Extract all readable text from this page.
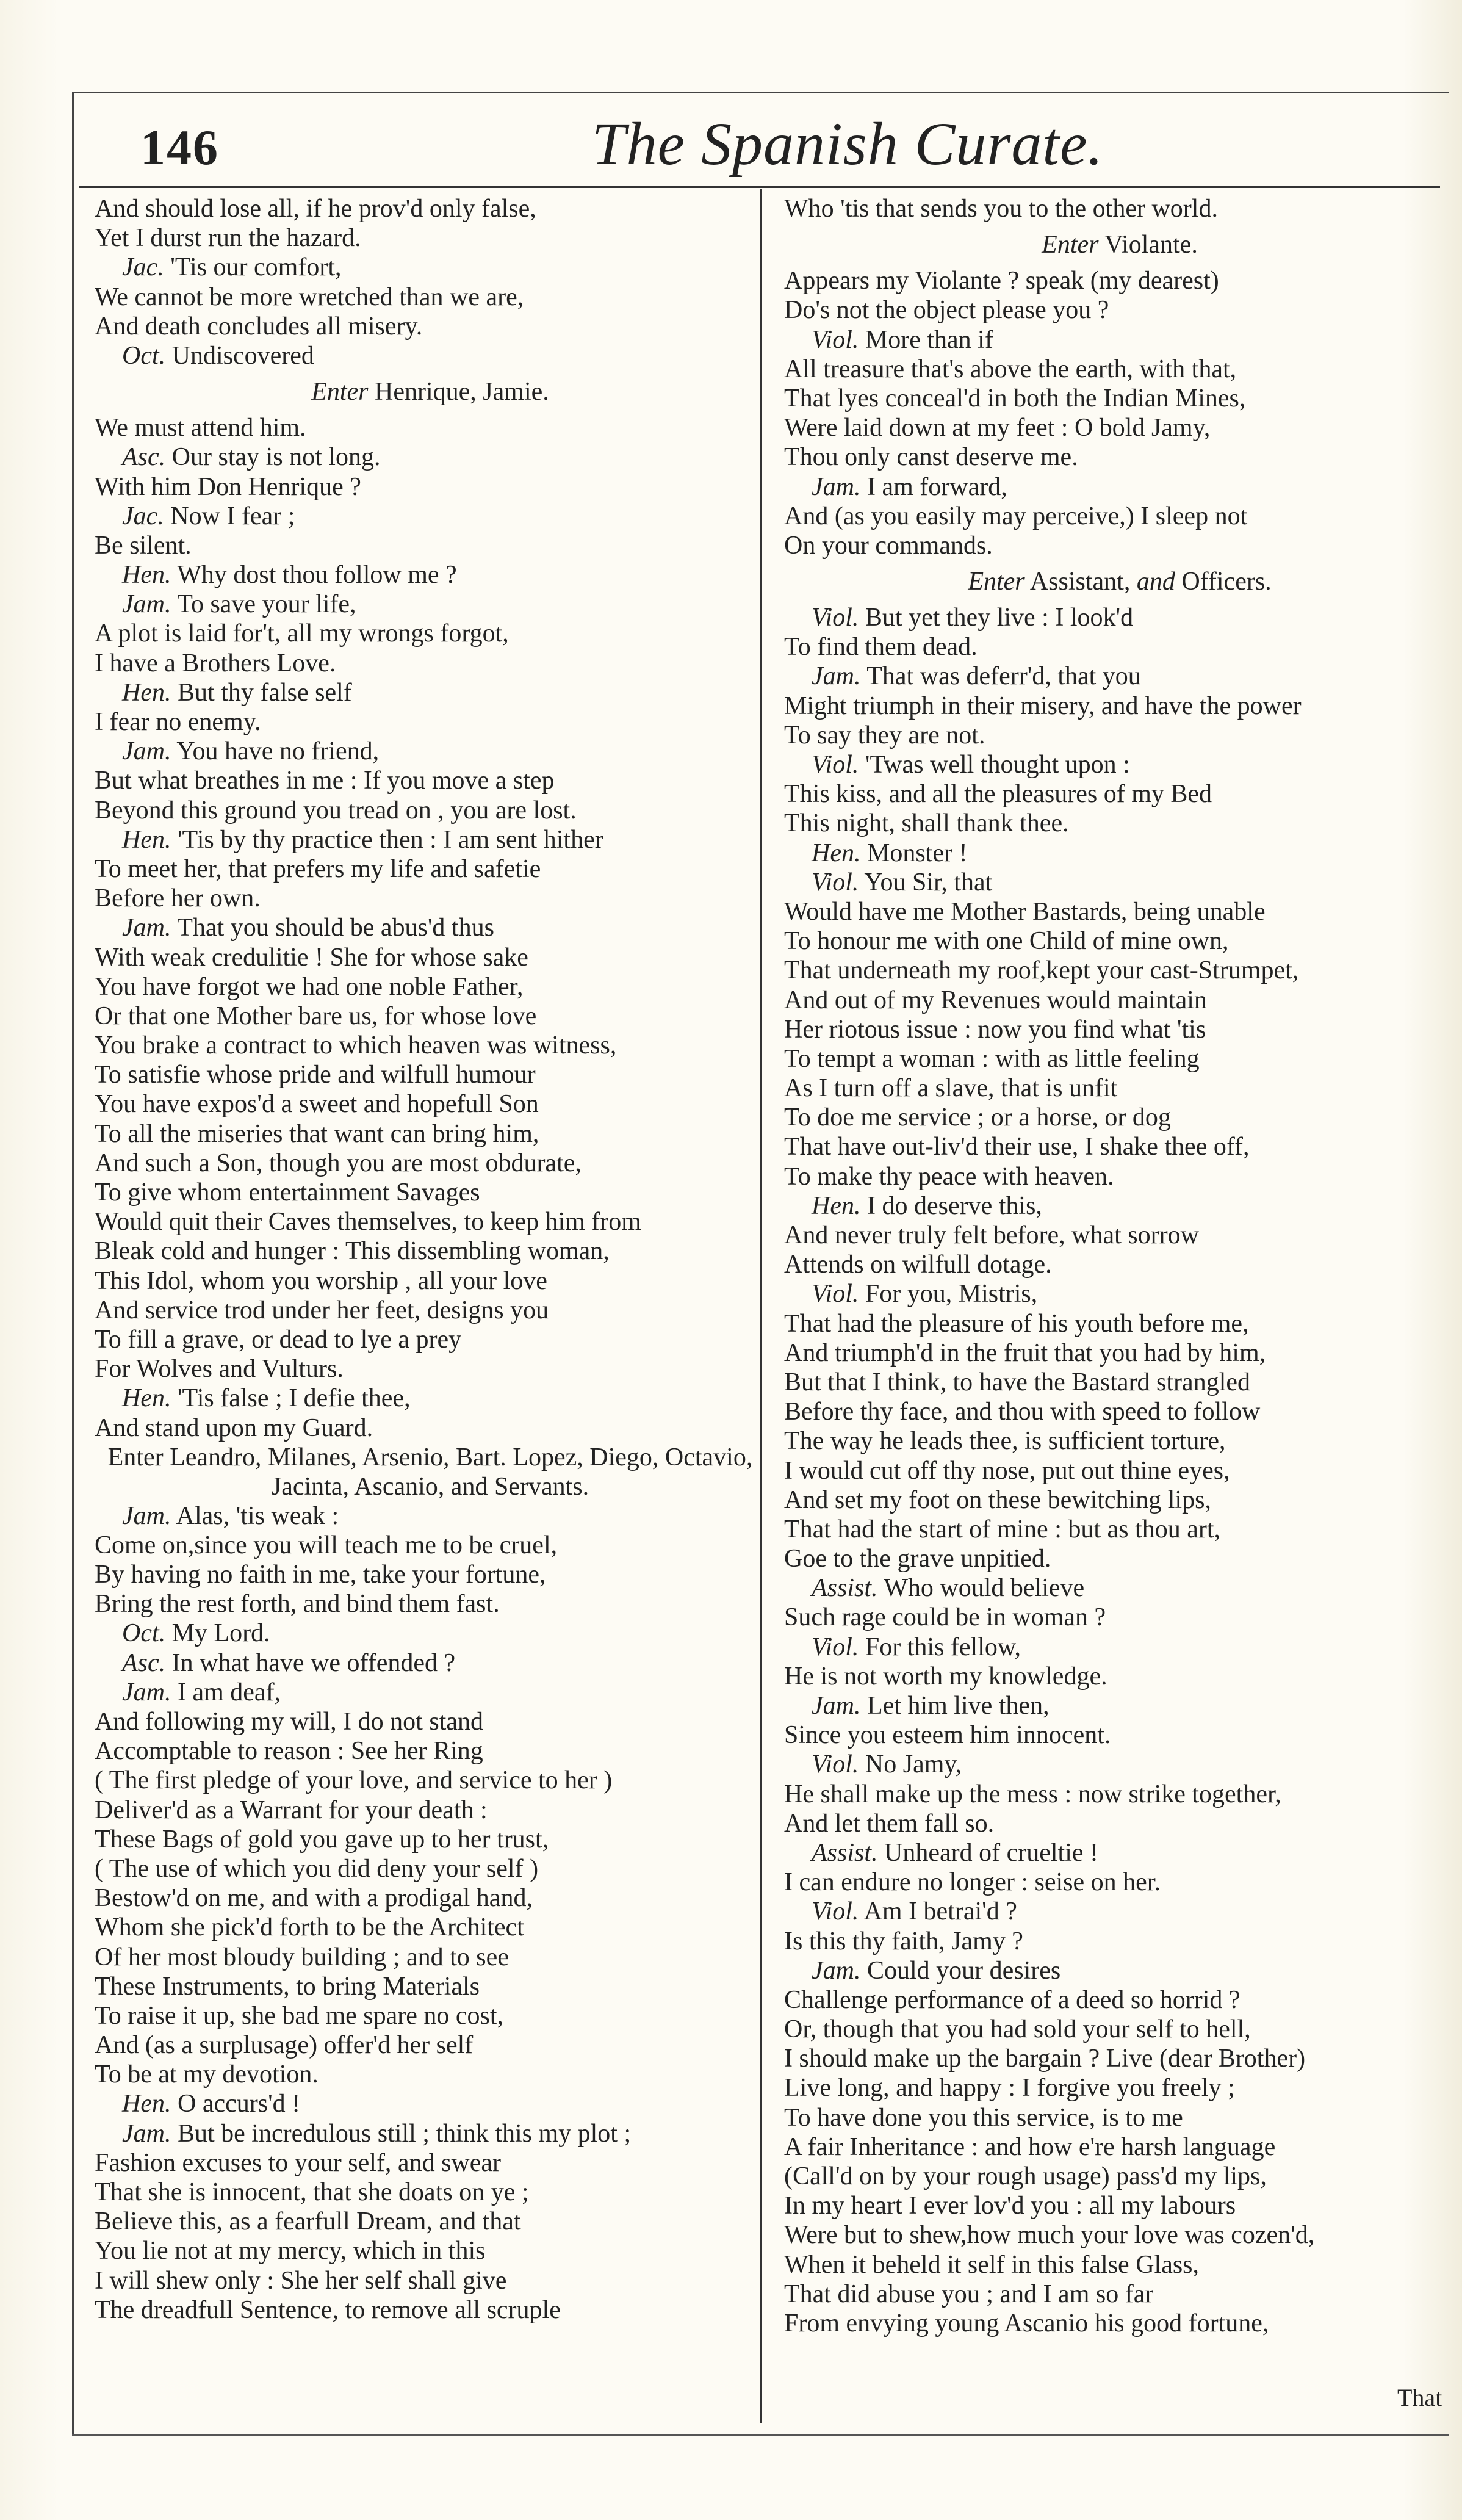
146	The Spanish Curate.
And should lose all, if he prov'd only false,
Yet I durst run the hazard.
Jac. 'Tis our comfort,
We cannot be more wretched than we are,
And death concludes all misery.
Oct. Undiscovered
Enter Henrique, Jamie.
We must attend him.
Asc. Our stay is not long.
With him Don Henrique ?
Jac. Now I fear ;
Be silent.
Hen. Why dost thou follow me ?
Jam. To save your life,
A plot is laid for't, all my wrongs forgot,
I have a Brothers Love.
Hen. But thy false self
I fear no enemy.
Jam. You have no friend,
But what breathes in me : If you move a step
Beyond this ground you tread on , you are lost.
Hen. 'Tis by thy practice then : I am sent hither
To meet her, that prefers my life and safetie
Before her own.
Jam. That you should be abus'd thus
With weak credulitie ! She for whose sake
You have forgot we had one noble Father,
Or that one Mother bare us, for whose love
You brake a contract to which heaven was witness,
To satisfie whose pride and wilfull humour
You have expos'd a sweet and hopefull Son
To all the miseries that want can bring him,
And such a Son, though you are most obdurate,
To give whom entertainment Savages
Would quit their Caves themselves, to keep him from
Bleak cold and hunger : This dissembling woman,
This Idol, whom you worship , all your love
And service trod under her feet, designs you
To fill a grave, or dead to lye a prey
For Wolves and Vulturs.
Hen. 'Tis false ; I defie thee,
And stand upon my Guard.
Enter Leandro, Milanes, Arsenio, Bart. Lopez, Diego, Octavio, Jacinta, Ascanio, and Servants.
Jam. Alas, 'tis weak :
Come on,since you will teach me to be cruel,
By having no faith in me, take your fortune,
Bring the rest forth, and bind them fast.
Oct. My Lord.
Asc. In what have we offended ?
Jam. I am deaf,
And following my will, I do not stand
Accomptable to reason : See her Ring
( The first pledge of your love, and service to her )
Deliver'd as a Warrant for your death :
These Bags of gold you gave up to her trust,
( The use of which you did deny your self )
Bestow'd on me, and with a prodigal hand,
Whom she pick'd forth to be the Architect
Of her most bloudy building ; and to see
These Instruments, to bring Materials
To raise it up, she bad me spare no cost,
And (as a surplusage) offer'd her self
To be at my devotion.
Hen. O accurs'd !
Jam. But be incredulous still ; think this my plot ;
Fashion excuses to your self, and swear
That she is innocent, that she doats on ye ;
Believe this, as a fearfull Dream, and that
You lie not at my mercy, which in this
I will shew only : She her self shall give
The dreadfull Sentence, to remove all scruple
Who 'tis that sends you to the other world.
Enter Violante.
Appears my Violante ? speak (my dearest)
Do's not the object please you ?
Viol. More than if
All treasure that's above the earth, with that,
That lyes conceal'd in both the Indian Mines,
Were laid down at my feet : O bold Jamy,
Thou only canst deserve me.
Jam. I am forward,
And (as you easily may perceive,) I sleep not
On your commands.
Enter Assistant, and Officers.
Viol. But yet they live : I look'd
To find them dead.
Jam. That was deferr'd, that you
Might triumph in their misery, and have the power
To say they are not.
Viol. 'Twas well thought upon :
This kiss, and all the pleasures of my Bed
This night, shall thank thee.
Hen. Monster !
Viol. You Sir, that
Would have me Mother Bastards, being unable
To honour me with one Child of mine own,
That underneath my roof,kept your cast-Strumpet,
And out of my Revenues would maintain
Her riotous issue : now you find what 'tis
To tempt a woman : with as little feeling
As I turn off a slave, that is unfit
To doe me service ; or a horse, or dog
That have out-liv'd their use, I shake thee off,
To make thy peace with heaven.
Hen. I do deserve this,
And never truly felt before, what sorrow
Attends on wilfull dotage.
Viol. For you, Mistris,
That had the pleasure of his youth before me,
And triumph'd in the fruit that you had by him,
But that I think, to have the Bastard strangled
Before thy face, and thou with speed to follow
The way he leads thee, is sufficient torture,
I would cut off thy nose, put out thine eyes,
And set my foot on these bewitching lips,
That had the start of mine : but as thou art,
Goe to the grave unpitied.
Assist. Who would believe
Such rage could be in woman ?
Viol. For this fellow,
He is not worth my knowledge.
Jam. Let him live then,
Since you esteem him innocent.
Viol. No Jamy,
He shall make up the mess : now strike together,
And let them fall so.
Assist. Unheard of crueltie !
I can endure no longer : seise on her.
Viol. Am I betrai'd ?
Is this thy faith, Jamy ?
Jam. Could your desires
Challenge performance of a deed so horrid ?
Or, though that you had sold your self to hell,
I should make up the bargain ? Live (dear Brother)
Live long, and happy : I forgive you freely ;
To have done you this service, is to me
A fair Inheritance : and how e're harsh language
(Call'd on by your rough usage) pass'd my lips,
In my heart I ever lov'd you : all my labours
Were but to shew,how much your love was cozen'd,
When it beheld it self in this false Glass,
That did abuse you ; and I am so far
From envying young Ascanio his good fortune,
That
